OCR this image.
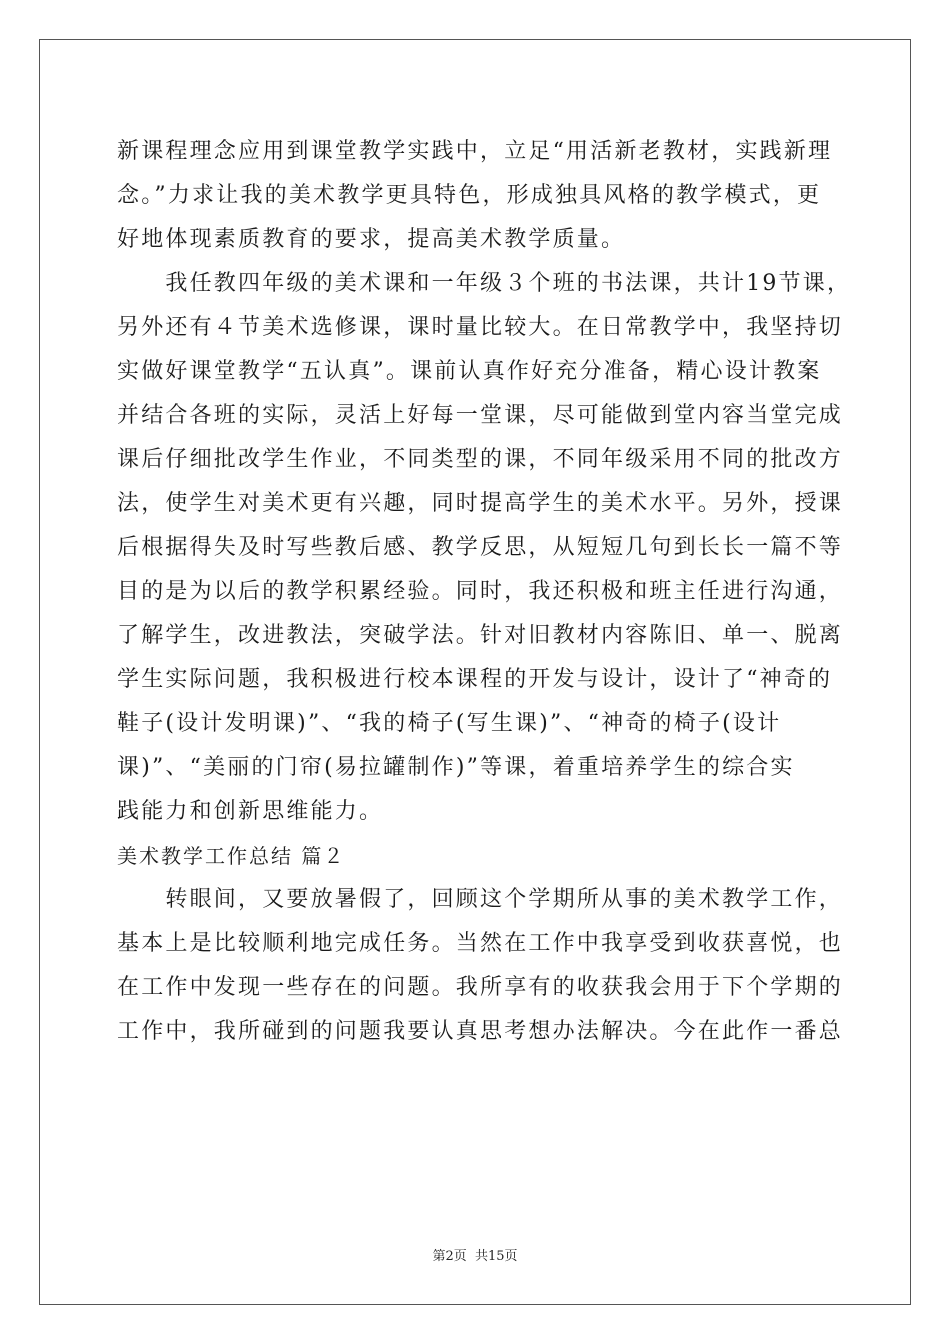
新课程理念应用到课堂教学实践中，立足“用活新老教材，实践新理
念。”力求让我的美术教学更具特色，形成独具风格的教学模式，更
好地体现素质教育的要求，提高美术教学质量。
　　我任教四年级的美术课和一年级３个班的书法课，共计19节课，
另外还有４节美术选修课，课时量比较大。在日常教学中，我坚持切
实做好课堂教学“五认真”。课前认真作好充分准备，精心设计教案
并结合各班的实际，灵活上好每一堂课，尽可能做到堂内容当堂完成
课后仔细批改学生作业，不同类型的课，不同年级采用不同的批改方
法，使学生对美术更有兴趣，同时提高学生的美术水平。另外，授课
后根据得失及时写些教后感、教学反思，从短短几句到长长一篇不等
目的是为以后的教学积累经验。同时，我还积极和班主任进行沟通，
了解学生，改进教法，突破学法。针对旧教材内容陈旧、单一、脱离
学生实际问题，我积极进行校本课程的开发与设计，设计了“神奇的
鞋子(设计发明课)”、“我的椅子(写生课)”、“神奇的椅子(设计
课)”、“美丽的门帘(易拉罐制作)”等课，着重培养学生的综合实
践能力和创新思维能力。
美术教学工作总结 篇２
　　转眼间，又要放暑假了，回顾这个学期所从事的美术教学工作，
基本上是比较顺利地完成任务。当然在工作中我享受到收获喜悦，也
在工作中发现一些存在的问题。我所享有的收获我会用于下个学期的
工作中，我所碰到的问题我要认真思考想办法解决。今在此作一番总
第2页 共15页
